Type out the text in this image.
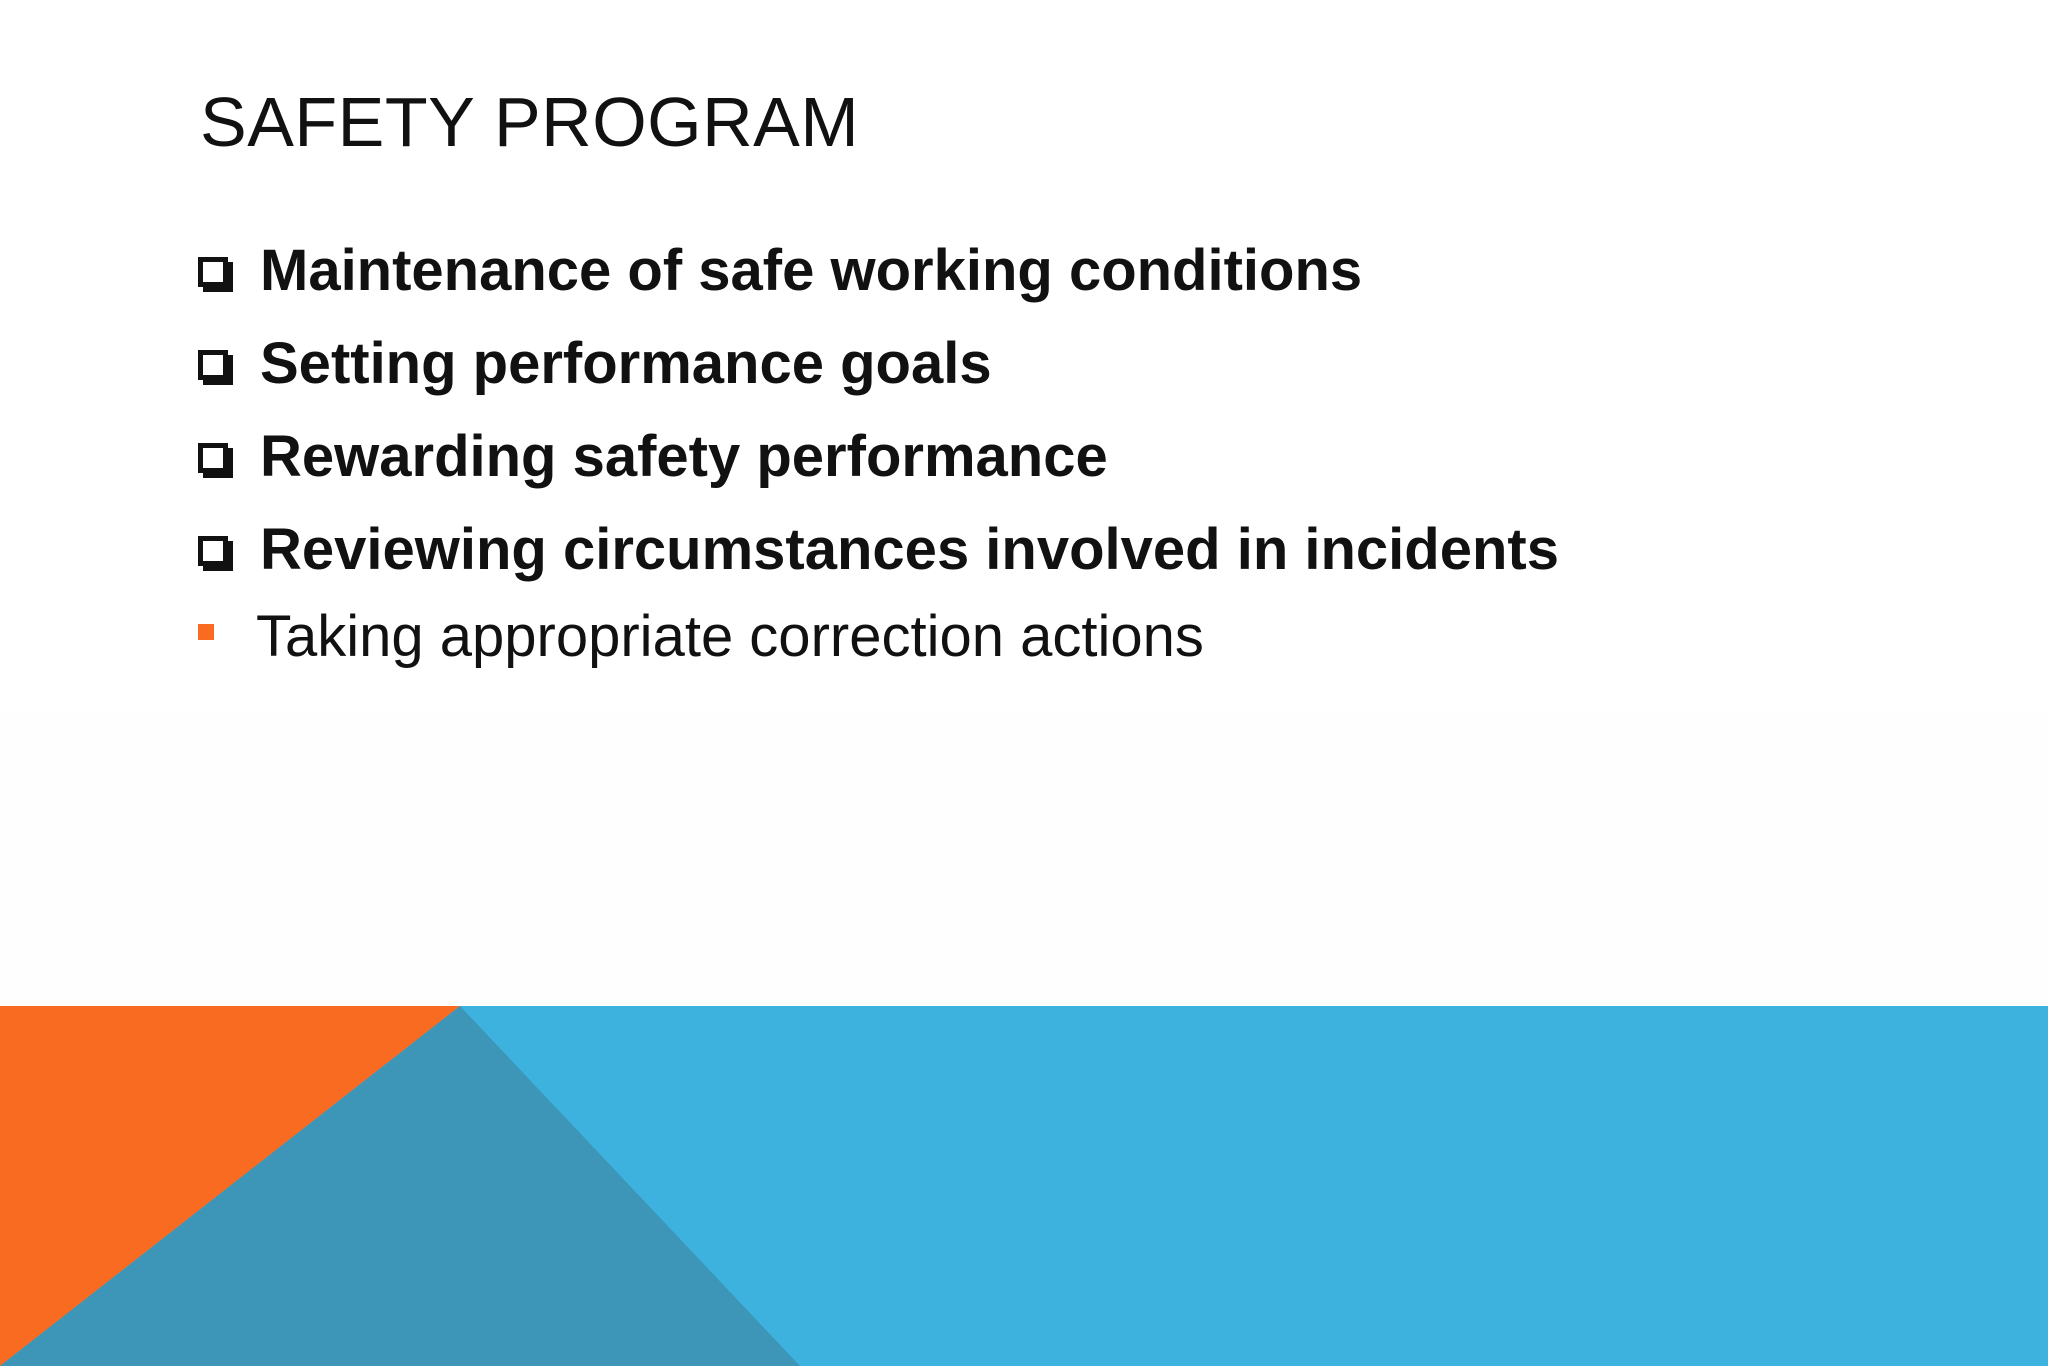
SAFETY PROGRAM
Maintenance of safe working conditions
Setting performance goals
Rewarding safety performance
Reviewing circumstances involved in incidents
Taking appropriate correction actions
